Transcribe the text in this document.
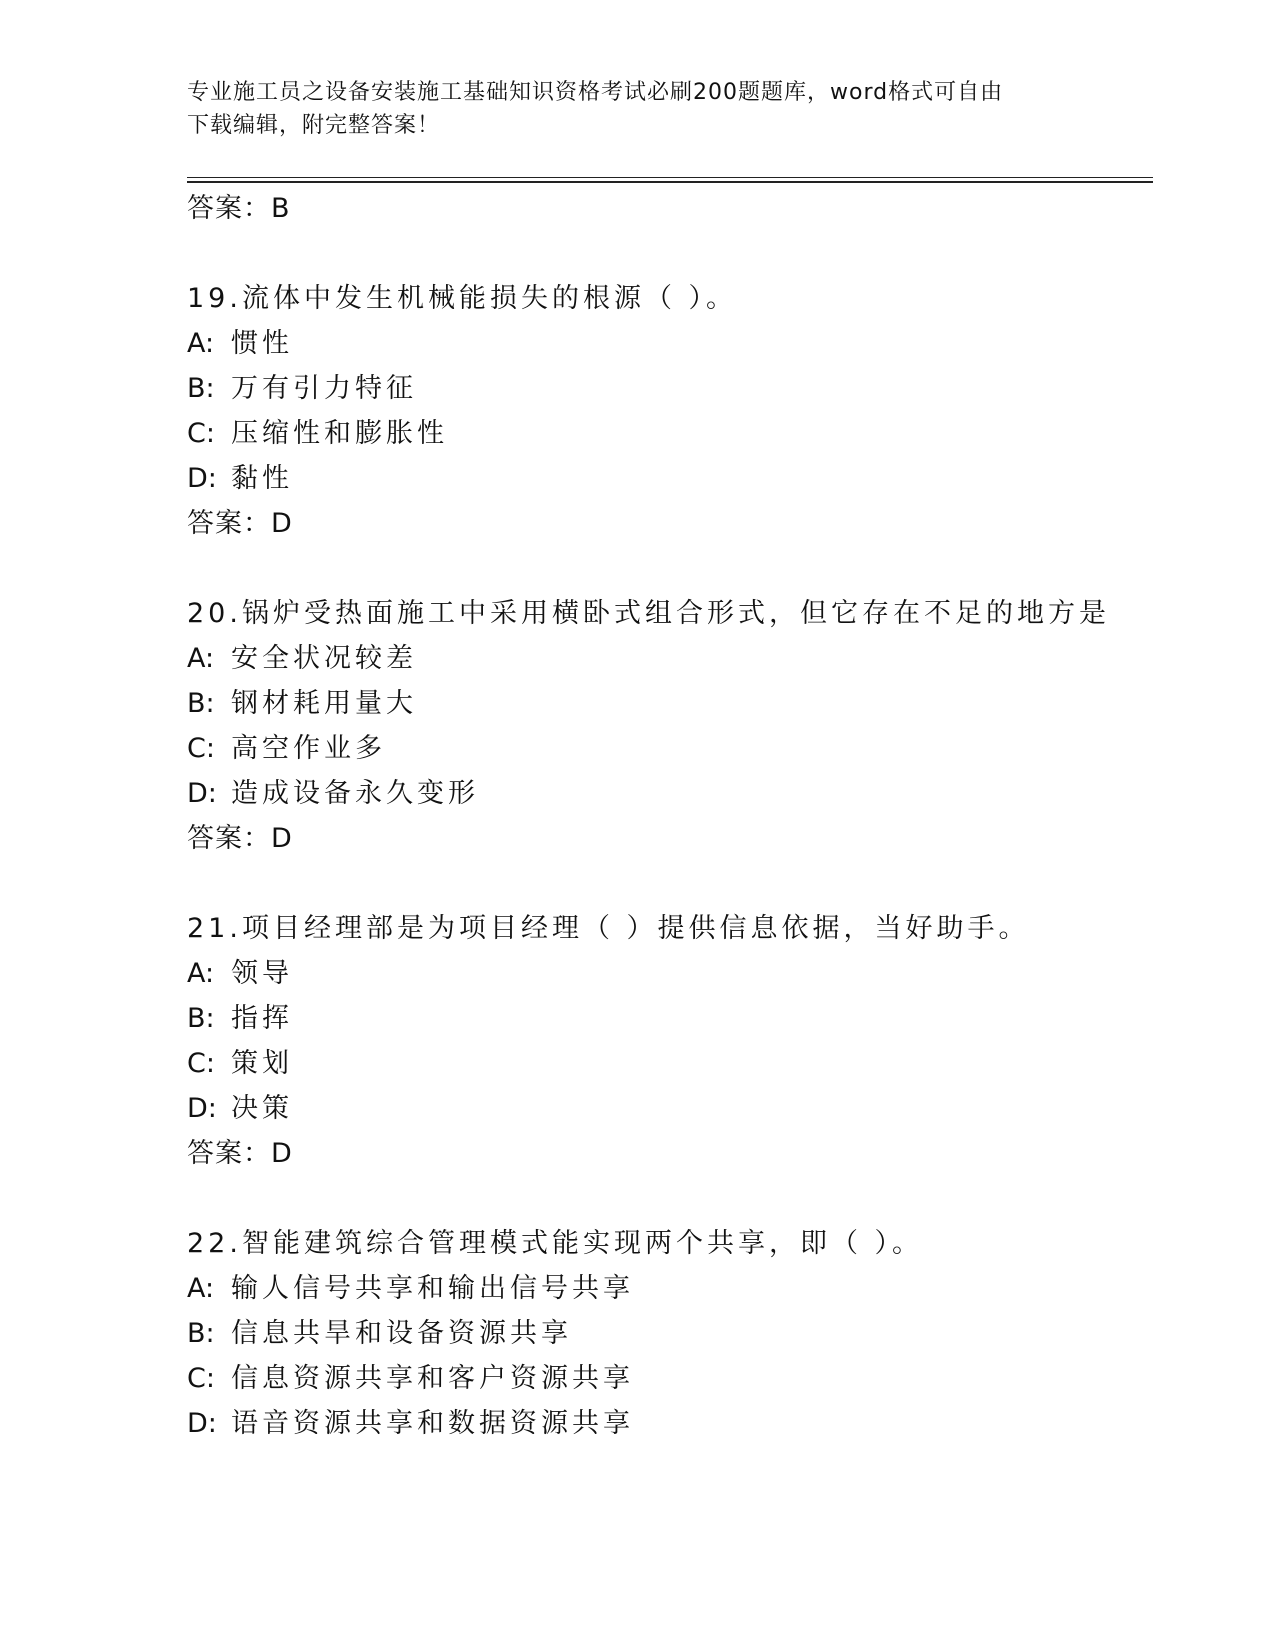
专业施工员之设备安装施工基础知识资格考试必刷200题题库，word格式可自由
下载编辑，附完整答案！
答案：B
19.流体中发生机械能损失的根源（ ）。
A: 惯性
B: 万有引力特征
C: 压缩性和膨胀性
D: 黏性
答案：D
20.锅炉受热面施工中采用横卧式组合形式，但它存在不足的地方是
A: 安全状况较差
B: 钢材耗用量大
C: 高空作业多
D: 造成设备永久变形
答案：D
21.项目经理部是为项目经理（ ）提供信息依据，当好助手。
A: 领导
B: 指挥
C: 策划
D: 决策
答案：D
22.智能建筑综合管理模式能实现两个共享，即（ ）。
A: 输人信号共享和输出信号共享
B: 信息共旱和设备资源共享
C: 信息资源共享和客户资源共享
D: 语音资源共享和数据资源共享
